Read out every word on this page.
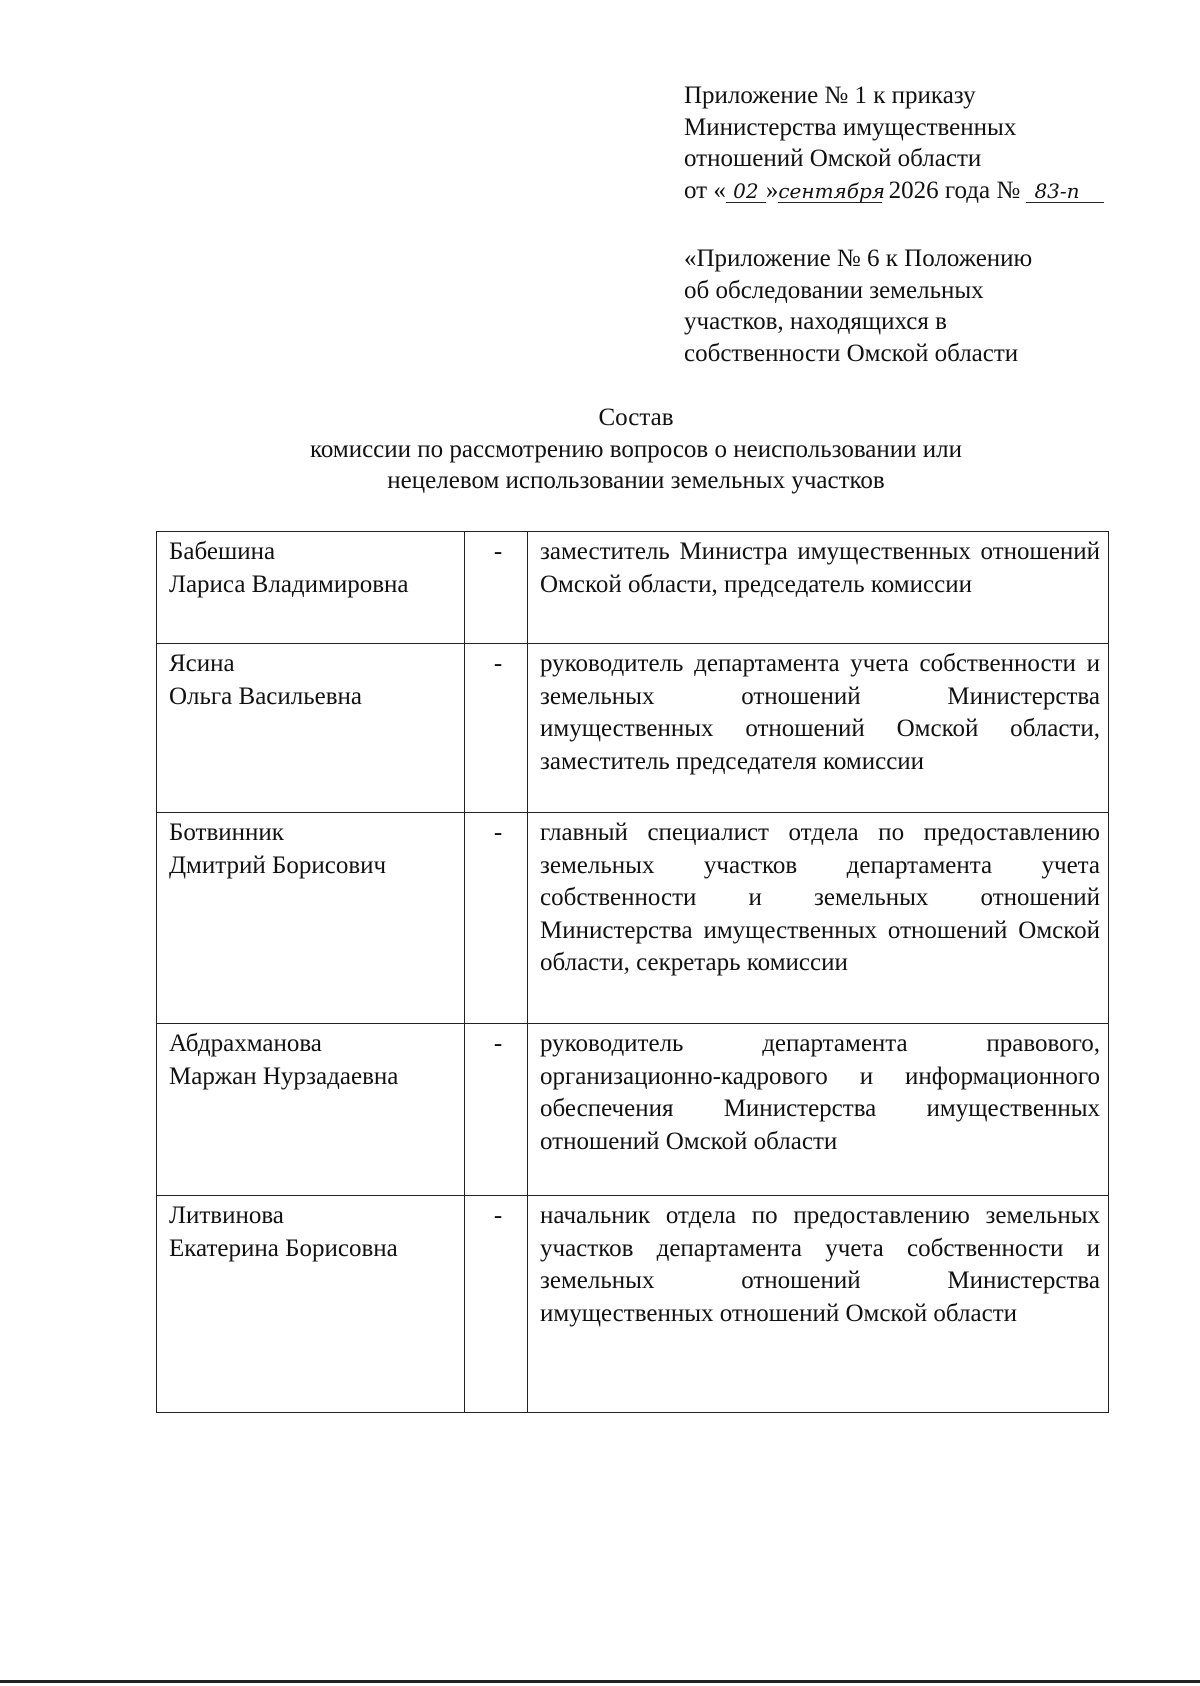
Приложение № 1 к приказу
Министерства имущественных
отношений Омской области
от « 02 »сентября 2026 года № 83-п
«Приложение № 6 к Положению
об обследовании земельных
участков, находящихся в
собственности Омской области
Состав
комиссии по рассмотрению вопросов о неиспользовании или
нецелевом использовании земельных участков
Бабешина
Лариса Владимировна	-	заместитель Министра имущественных отношений Омской области, председатель комиссии

Ясина
Ольга Васильевна	-	руководитель департамента учета собственности и земельных отношений Министерства имущественных отношений Омской области, заместитель председателя комиссии

Ботвинник
Дмитрий Борисович	-	главный специалист отдела по предоставлению земельных участков департамента учета собственности и земельных отношений Министерства имущественных отношений Омской области, секретарь комиссии

Абдрахманова
Маржан Нурзадаевна	-	руководитель департамента правового, организационно-кадрового и информационного обеспечения Министерства имущественных отношений Омской области

Литвинова
Екатерина Борисовна	-	начальник отдела по предоставлению земельных участков департамента учета собственности и земельных отношений Министерства имущественных отношений Омской области
